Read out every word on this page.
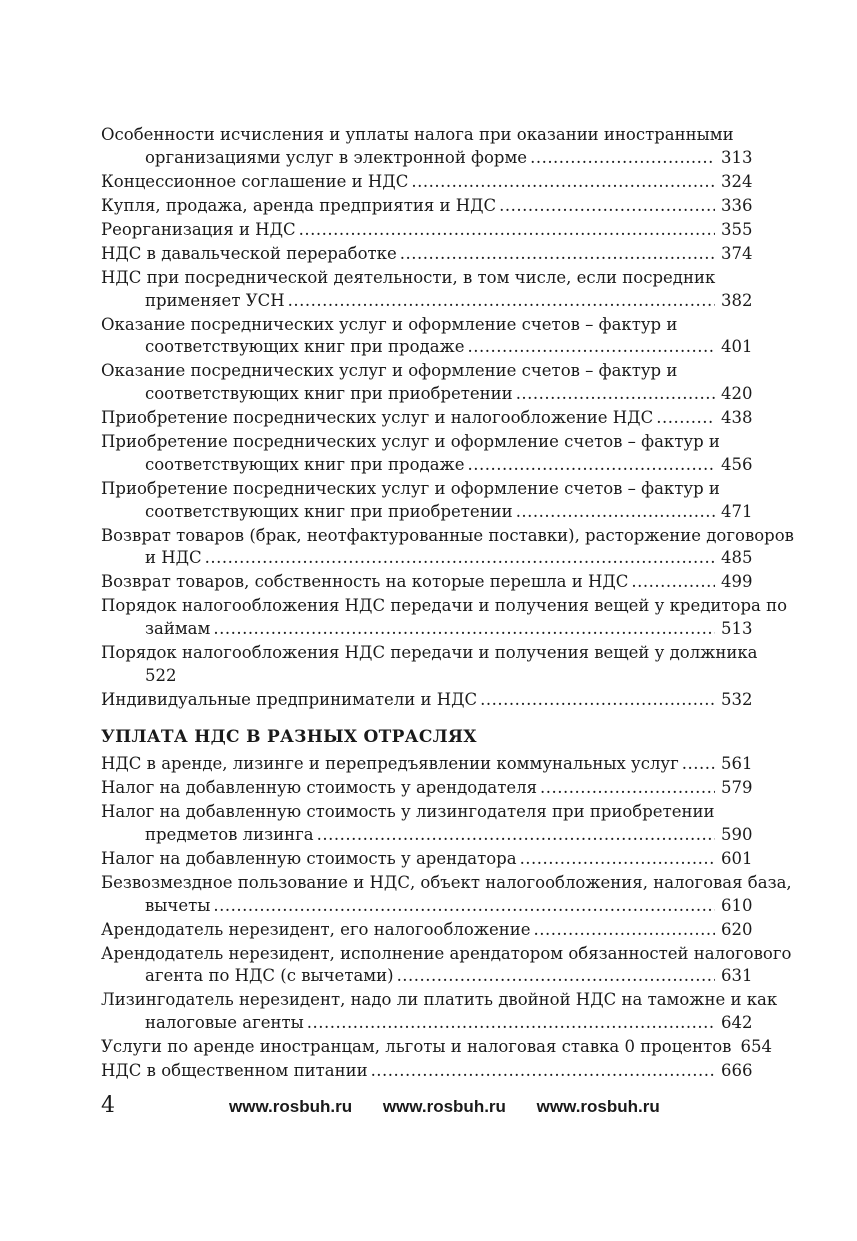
Особенности исчисления и уплаты налога при оказании иностранными
организациями услуг в электронной форме .....	313
Концессионное соглашение и НДС .....	324
Купля, продажа, аренда предприятия и НДС .....	336
Реорганизация и НДС .....	355
НДС в давальческой переработке .....	374
НДС при посреднической деятельности, в том числе, если посредник
применяет УСН .....	382
Оказание посреднических услуг и оформление счетов – фактур и
соответствующих книг при продаже .....	401
Оказание посреднических услуг и оформление счетов – фактур и
соответствующих книг при приобретении .....	420
Приобретение посреднических услуг и налогообложение НДС .....	438
Приобретение посреднических услуг и оформление счетов – фактур и
соответствующих книг при продаже .....	456
Приобретение посреднических услуг и оформление счетов – фактур и
соответствующих книг при приобретении .....	471
Возврат товаров (брак, неотфактурованные поставки), расторжение договоров
и НДС .....	485
Возврат товаров, собственность на которые перешла и НДС .....	499
Порядок налогообложения НДС передачи и получения вещей у кредитора по
займам .....	513
Порядок налогообложения НДС передачи и получения вещей у должника
522
Индивидуальные предприниматели и НДС .....	532
УПЛАТА НДС В РАЗНЫХ ОТРАСЛЯХ
НДС в аренде, лизинге и перепредъявлении коммунальных услуг .....	561
Налог на добавленную стоимость у арендодателя .....	579
Налог на добавленную стоимость у лизингодателя при приобретении
предметов лизинга .....	590
Налог на добавленную стоимость у арендатора .....	601
Безвозмездное пользование и НДС, объект налогообложения, налоговая база,
вычеты .....	610
Арендодатель нерезидент, его налогообложение .....	620
Арендодатель нерезидент, исполнение арендатором обязанностей налогового
агента по НДС (с вычетами) .....	631
Лизингодатель нерезидент, надо ли платить двойной НДС на таможне и как
налоговые агенты .....	642
Услуги по аренде иностранцам, льготы и налоговая ставка 0 процентов 654
НДС в общественном питании .....	666
4	www.rosbuh.ru www.rosbuh.ru www.rosbuh.ru
